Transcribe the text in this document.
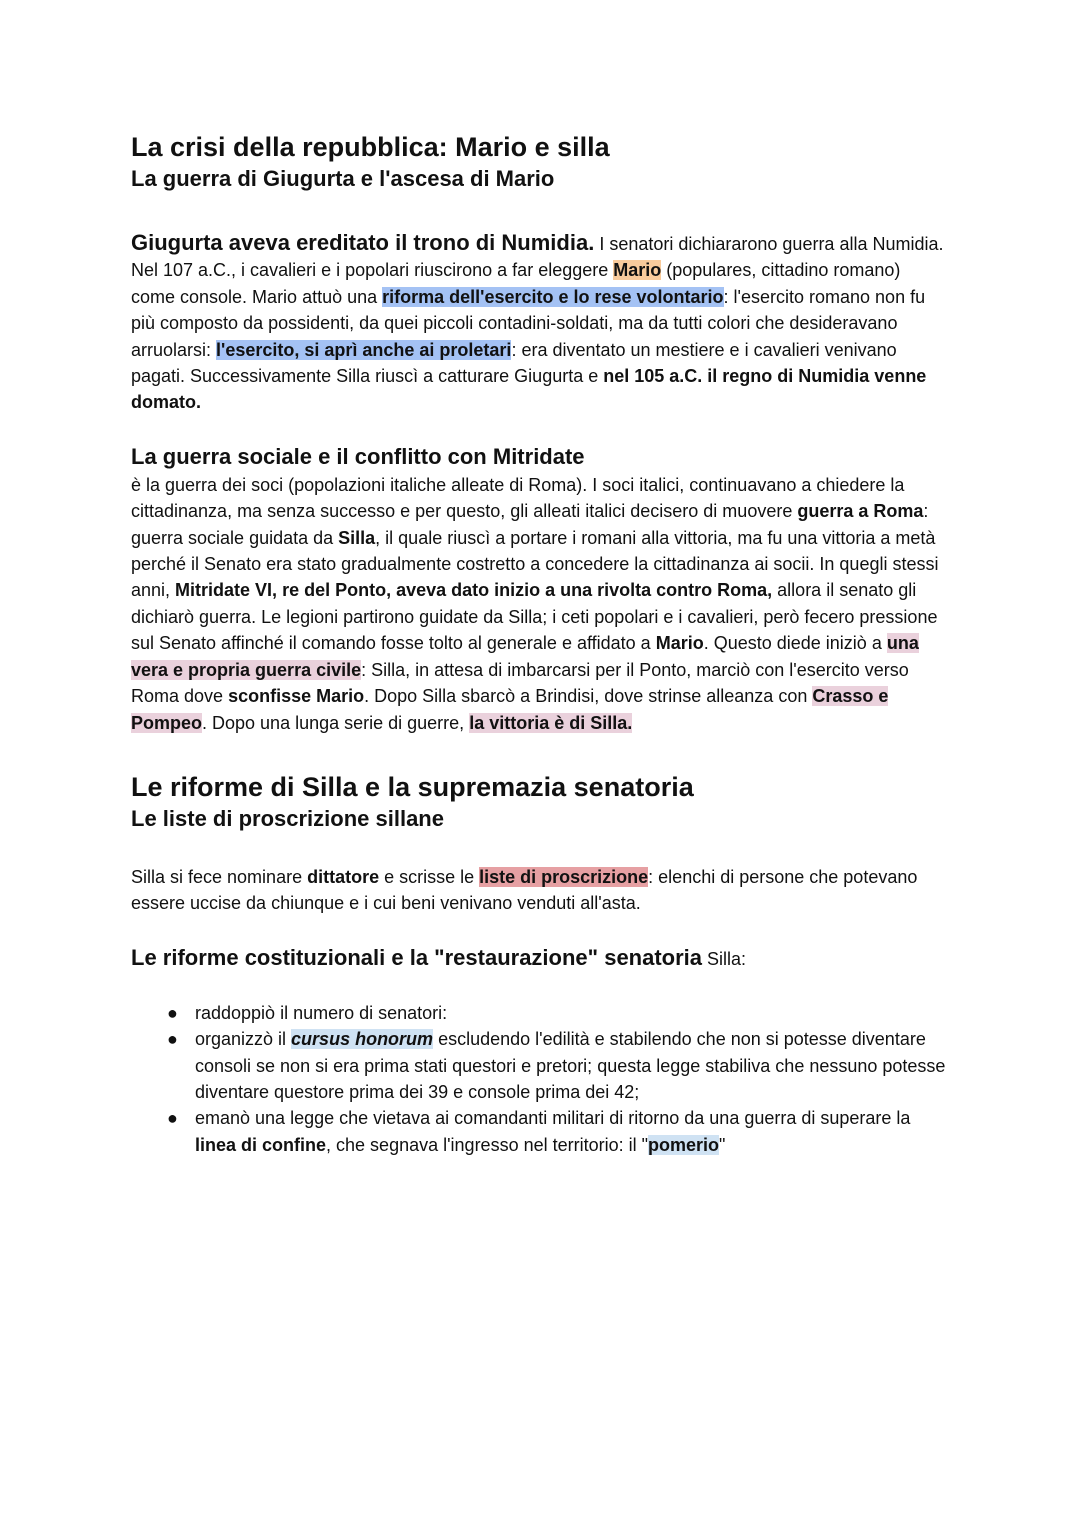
La crisi della repubblica: Mario e silla
La guerra di Giugurta e l'ascesa di Mario

Giugurta aveva ereditato il trono di Numidia. I senatori dichiararono guerra alla Numidia. Nel 107 a.C., i cavalieri e i popolari riuscirono a far eleggere Mario (populares, cittadino romano) come console. Mario attuò una riforma dell'esercito e lo rese volontario: l'esercito romano non fu più composto da possidenti, da quei piccoli contadini-soldati, ma da tutti colori che desideravano arruolarsi: l'esercito, si aprì anche ai proletari: era diventato un mestiere e i cavalieri venivano pagati. Successivamente Silla riuscì a catturare Giugurta e nel 105 a.C. il regno di Numidia venne domato.

La guerra sociale e il conflitto con Mitridate

è la guerra dei soci (popolazioni italiche alleate di Roma). I soci italici, continuavano a chiedere la cittadinanza, ma senza successo e per questo, gli alleati italici decisero di muovere guerra a Roma: guerra sociale guidata da Silla, il quale riuscì a portare i romani alla vittoria, ma fu una vittoria a metà perché il Senato era stato gradualmente costretto a concedere la cittadinanza ai socii. In quegli stessi anni, Mitridate VI, re del Ponto, aveva dato inizio a una rivolta contro Roma, allora il senato gli dichiarò guerra. Le legioni partirono guidate da Silla; i ceti popolari e i cavalieri, però fecero pressione sul Senato affinché il comando fosse tolto al generale e affidato a Mario. Questo diede iniziò a una vera e propria guerra civile: Silla, in attesa di imbarcarsi per il Ponto, marciò con l'esercito verso Roma dove sconfisse Mario. Dopo Silla sbarcò a Brindisi, dove strinse alleanza con Crasso e Pompeo. Dopo una lunga serie di guerre, la vittoria è di Silla.

Le riforme di Silla e la supremazia senatoria
Le liste di proscrizione sillane

Silla si fece nominare dittatore e scrisse le liste di proscrizione: elenchi di persone che potevano essere uccise da chiunque e i cui beni venivano venduti all'asta.

Le riforme costituzionali e la "restaurazione" senatoria Silla:
● raddoppiò il numero di senatori:
● organizzò il cursus honorum escludendo l'edilità e stabilendo che non si potesse diventare consoli se non si era prima stati questori e pretori; questa legge stabiliva che nessuno potesse diventare questore prima dei 39 e console prima dei 42;
● emanò una legge che vietava ai comandanti militari di ritorno da una guerra di superare la linea di confine, che segnava l'ingresso nel territorio: il "pomerio"
